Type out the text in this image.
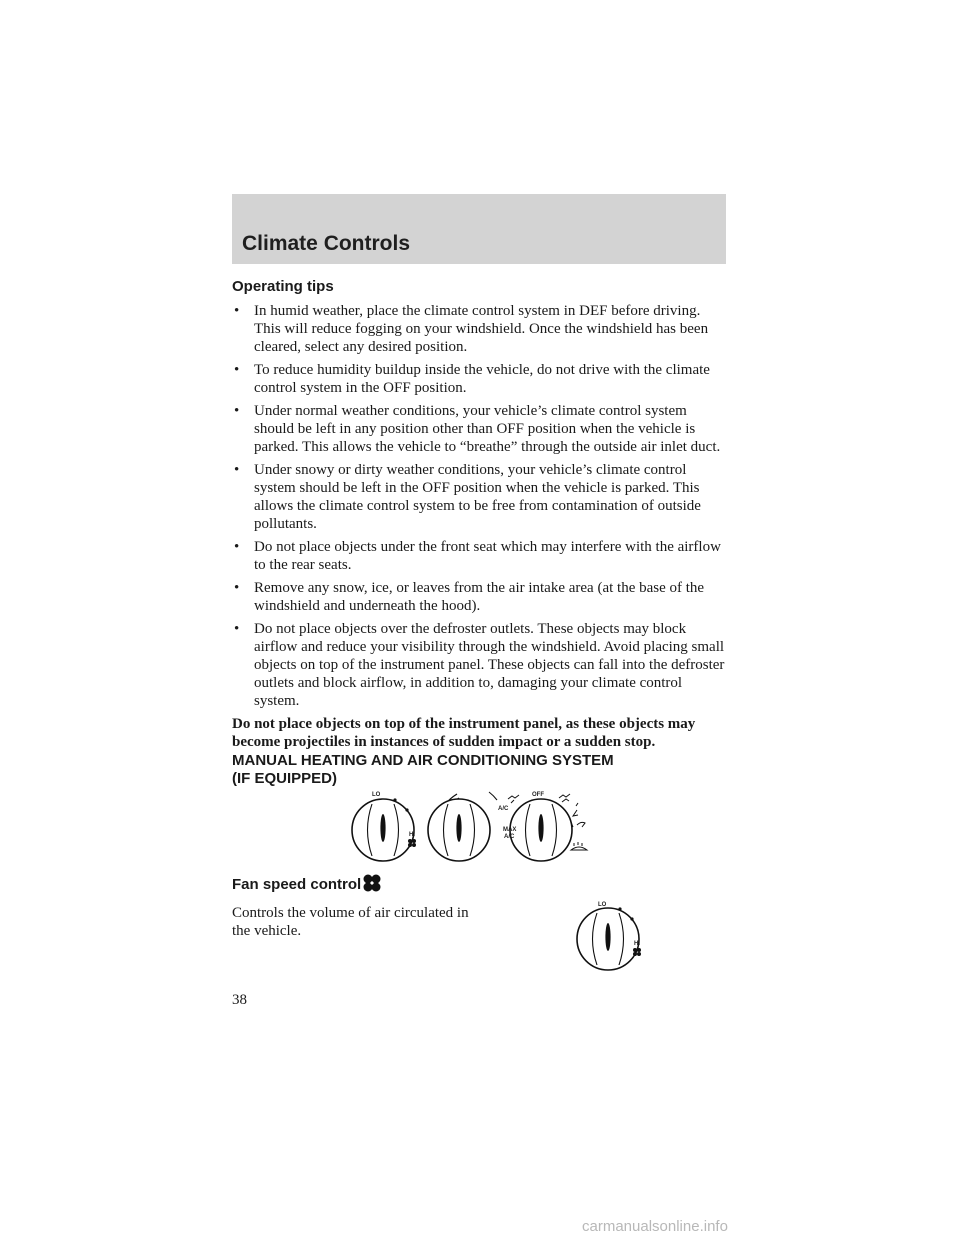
Climate Controls
Operating tips
• In humid weather, place the climate control system in DEF before driving. This will reduce fogging on your windshield. Once the windshield has been cleared, select any desired position.
• To reduce humidity buildup inside the vehicle, do not drive with the climate control system in the OFF position.
• Under normal weather conditions, your vehicle’s climate control system should be left in any position other than OFF position when the vehicle is parked. This allows the vehicle to “breathe” through the outside air inlet duct.
• Under snowy or dirty weather conditions, your vehicle’s climate control system should be left in the OFF position when the vehicle is parked. This allows the climate control system to be free from contamination of outside pollutants.
• Do not place objects under the front seat which may interfere with the airflow to the rear seats.
• Remove any snow, ice, or leaves from the air intake area (at the base of the windshield and underneath the hood).
• Do not place objects over the defroster outlets. These objects may block airflow and reduce your visibility through the windshield. Avoid placing small objects on top of the instrument panel. These objects can fall into the defroster outlets and block airflow, in addition to, damaging your climate control system.

Do not place objects on top of the instrument panel, as these objects may become projectiles in instances of sudden impact or a sudden stop.

MANUAL HEATING AND AIR CONDITIONING SYSTEM
(IF EQUIPPED)
LO
HI
OFF
A/C
MAX
A/C
Fan speed control
Controls the volume of air circulated in the vehicle.
LO
HI
38
carmanualsonline.info
